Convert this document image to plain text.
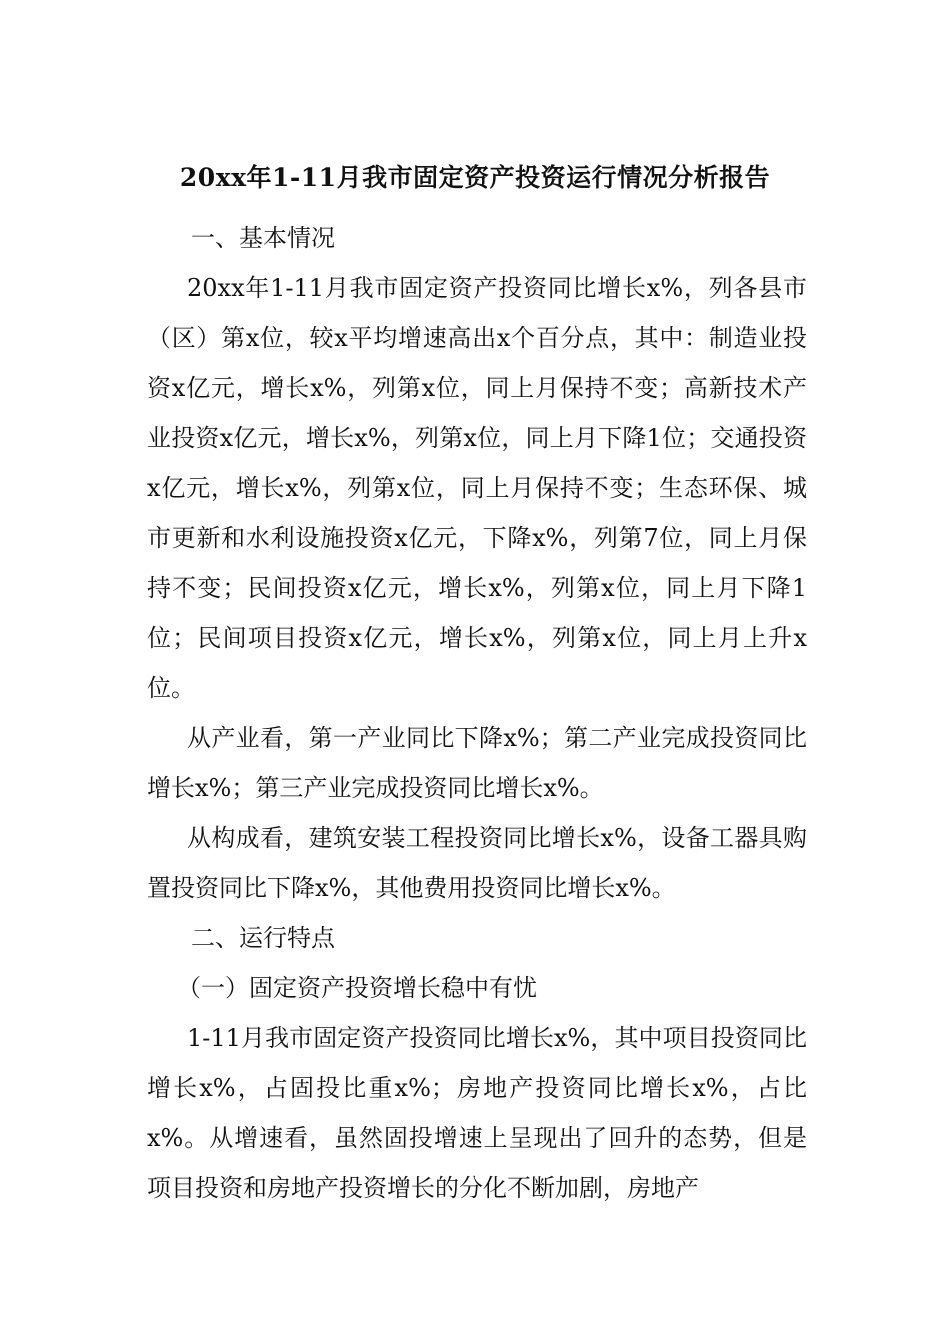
20xx年1-11月我市固定资产投资运行情况分析报告

一、基本情况

20xx年1-11月我市固定资产投资同比增长x%，列各县市（区）第x位，较x平均增速高出x个百分点，其中：制造业投资x亿元，增长x%，列第x位，同上月保持不变；高新技术产业投资x亿元，增长x%，列第x位，同上月下降1位；交通投资x亿元，增长x%，列第x位，同上月保持不变；生态环保、城市更新和水利设施投资x亿元，下降x%，列第7位，同上月保持不变；民间投资x亿元，增长x%，列第x位，同上月下降1位；民间项目投资x亿元，增长x%，列第x位，同上月上升x位。

从产业看，第一产业同比下降x%；第二产业完成投资同比增长x%；第三产业完成投资同比增长x%。

从构成看，建筑安装工程投资同比增长x%，设备工器具购置投资同比下降x%，其他费用投资同比增长x%。

二、运行特点

（一）固定资产投资增长稳中有忧

1-11月我市固定资产投资同比增长x%，其中项目投资同比增长x%，占固投比重x%；房地产投资同比增长x%，占比x%。从增速看，虽然固投增速上呈现出了回升的态势，但是项目投资和房地产投资增长的分化不断加剧，房地产
